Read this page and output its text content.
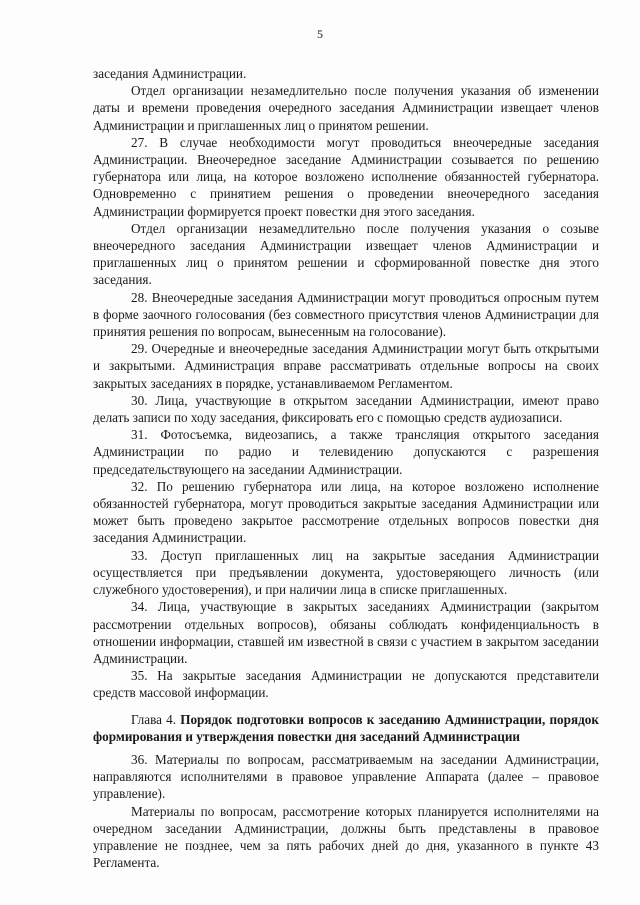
5

заседания Администрации.

Отдел организации незамедлительно после получения указания об изменении даты и времени проведения очередного заседания Администрации извещает членов Администрации и приглашенных лиц о принятом решении.

27. В случае необходимости могут проводиться внеочередные заседания Администрации. Внеочередное заседание Администрации созывается по решению губернатора или лица, на которое возложено исполнение обязанностей губернатора. Одновременно с принятием решения о проведении внеочередного заседания Администрации формируется проект повестки дня этого заседания.

Отдел организации незамедлительно после получения указания о созыве внеочередного заседания Администрации извещает членов Администрации и приглашенных лиц о принятом решении и сформированной повестке дня этого заседания.

28. Внеочередные заседания Администрации могут проводиться опросным путем в форме заочного голосования (без совместного присутствия членов Администрации для принятия решения по вопросам, вынесенным на голосование).

29. Очередные и внеочередные заседания Администрации могут быть открытыми и закрытыми. Администрация вправе рассматривать отдельные вопросы на своих закрытых заседаниях в порядке, устанавливаемом Регламентом.

30. Лица, участвующие в открытом заседании Администрации, имеют право делать записи по ходу заседания, фиксировать его с помощью средств аудиозаписи.

31. Фотосъемка, видеозапись, а также трансляция открытого заседания Администрации по радио и телевидению допускаются с разрешения председательствующего на заседании Администрации.

32. По решению губернатора или лица, на которое возложено исполнение обязанностей губернатора, могут проводиться закрытые заседания Администрации или может быть проведено закрытое рассмотрение отдельных вопросов повестки дня заседания Администрации.

33. Доступ приглашенных лиц на закрытые заседания Администрации осуществляется при предъявлении документа, удостоверяющего личность (или служебного удостоверения), и при наличии лица в списке приглашенных.

34. Лица, участвующие в закрытых заседаниях Администрации (закрытом рассмотрении отдельных вопросов), обязаны соблюдать конфиденциальность в отношении информации, ставшей им известной в связи с участием в закрытом заседании Администрации.

35. На закрытые заседания Администрации не допускаются представители средств массовой информации.

Глава 4. Порядок подготовки вопросов к заседанию Администрации, порядок формирования и утверждения повестки дня заседаний Администрации

36. Материалы по вопросам, рассматриваемым на заседании Администрации, направляются исполнителями в правовое управление Аппарата (далее – правовое управление).

Материалы по вопросам, рассмотрение которых планируется исполнителями на очередном заседании Администрации, должны быть представлены в правовое управление не позднее, чем за пять рабочих дней до дня, указанного в пункте 43 Регламента.
